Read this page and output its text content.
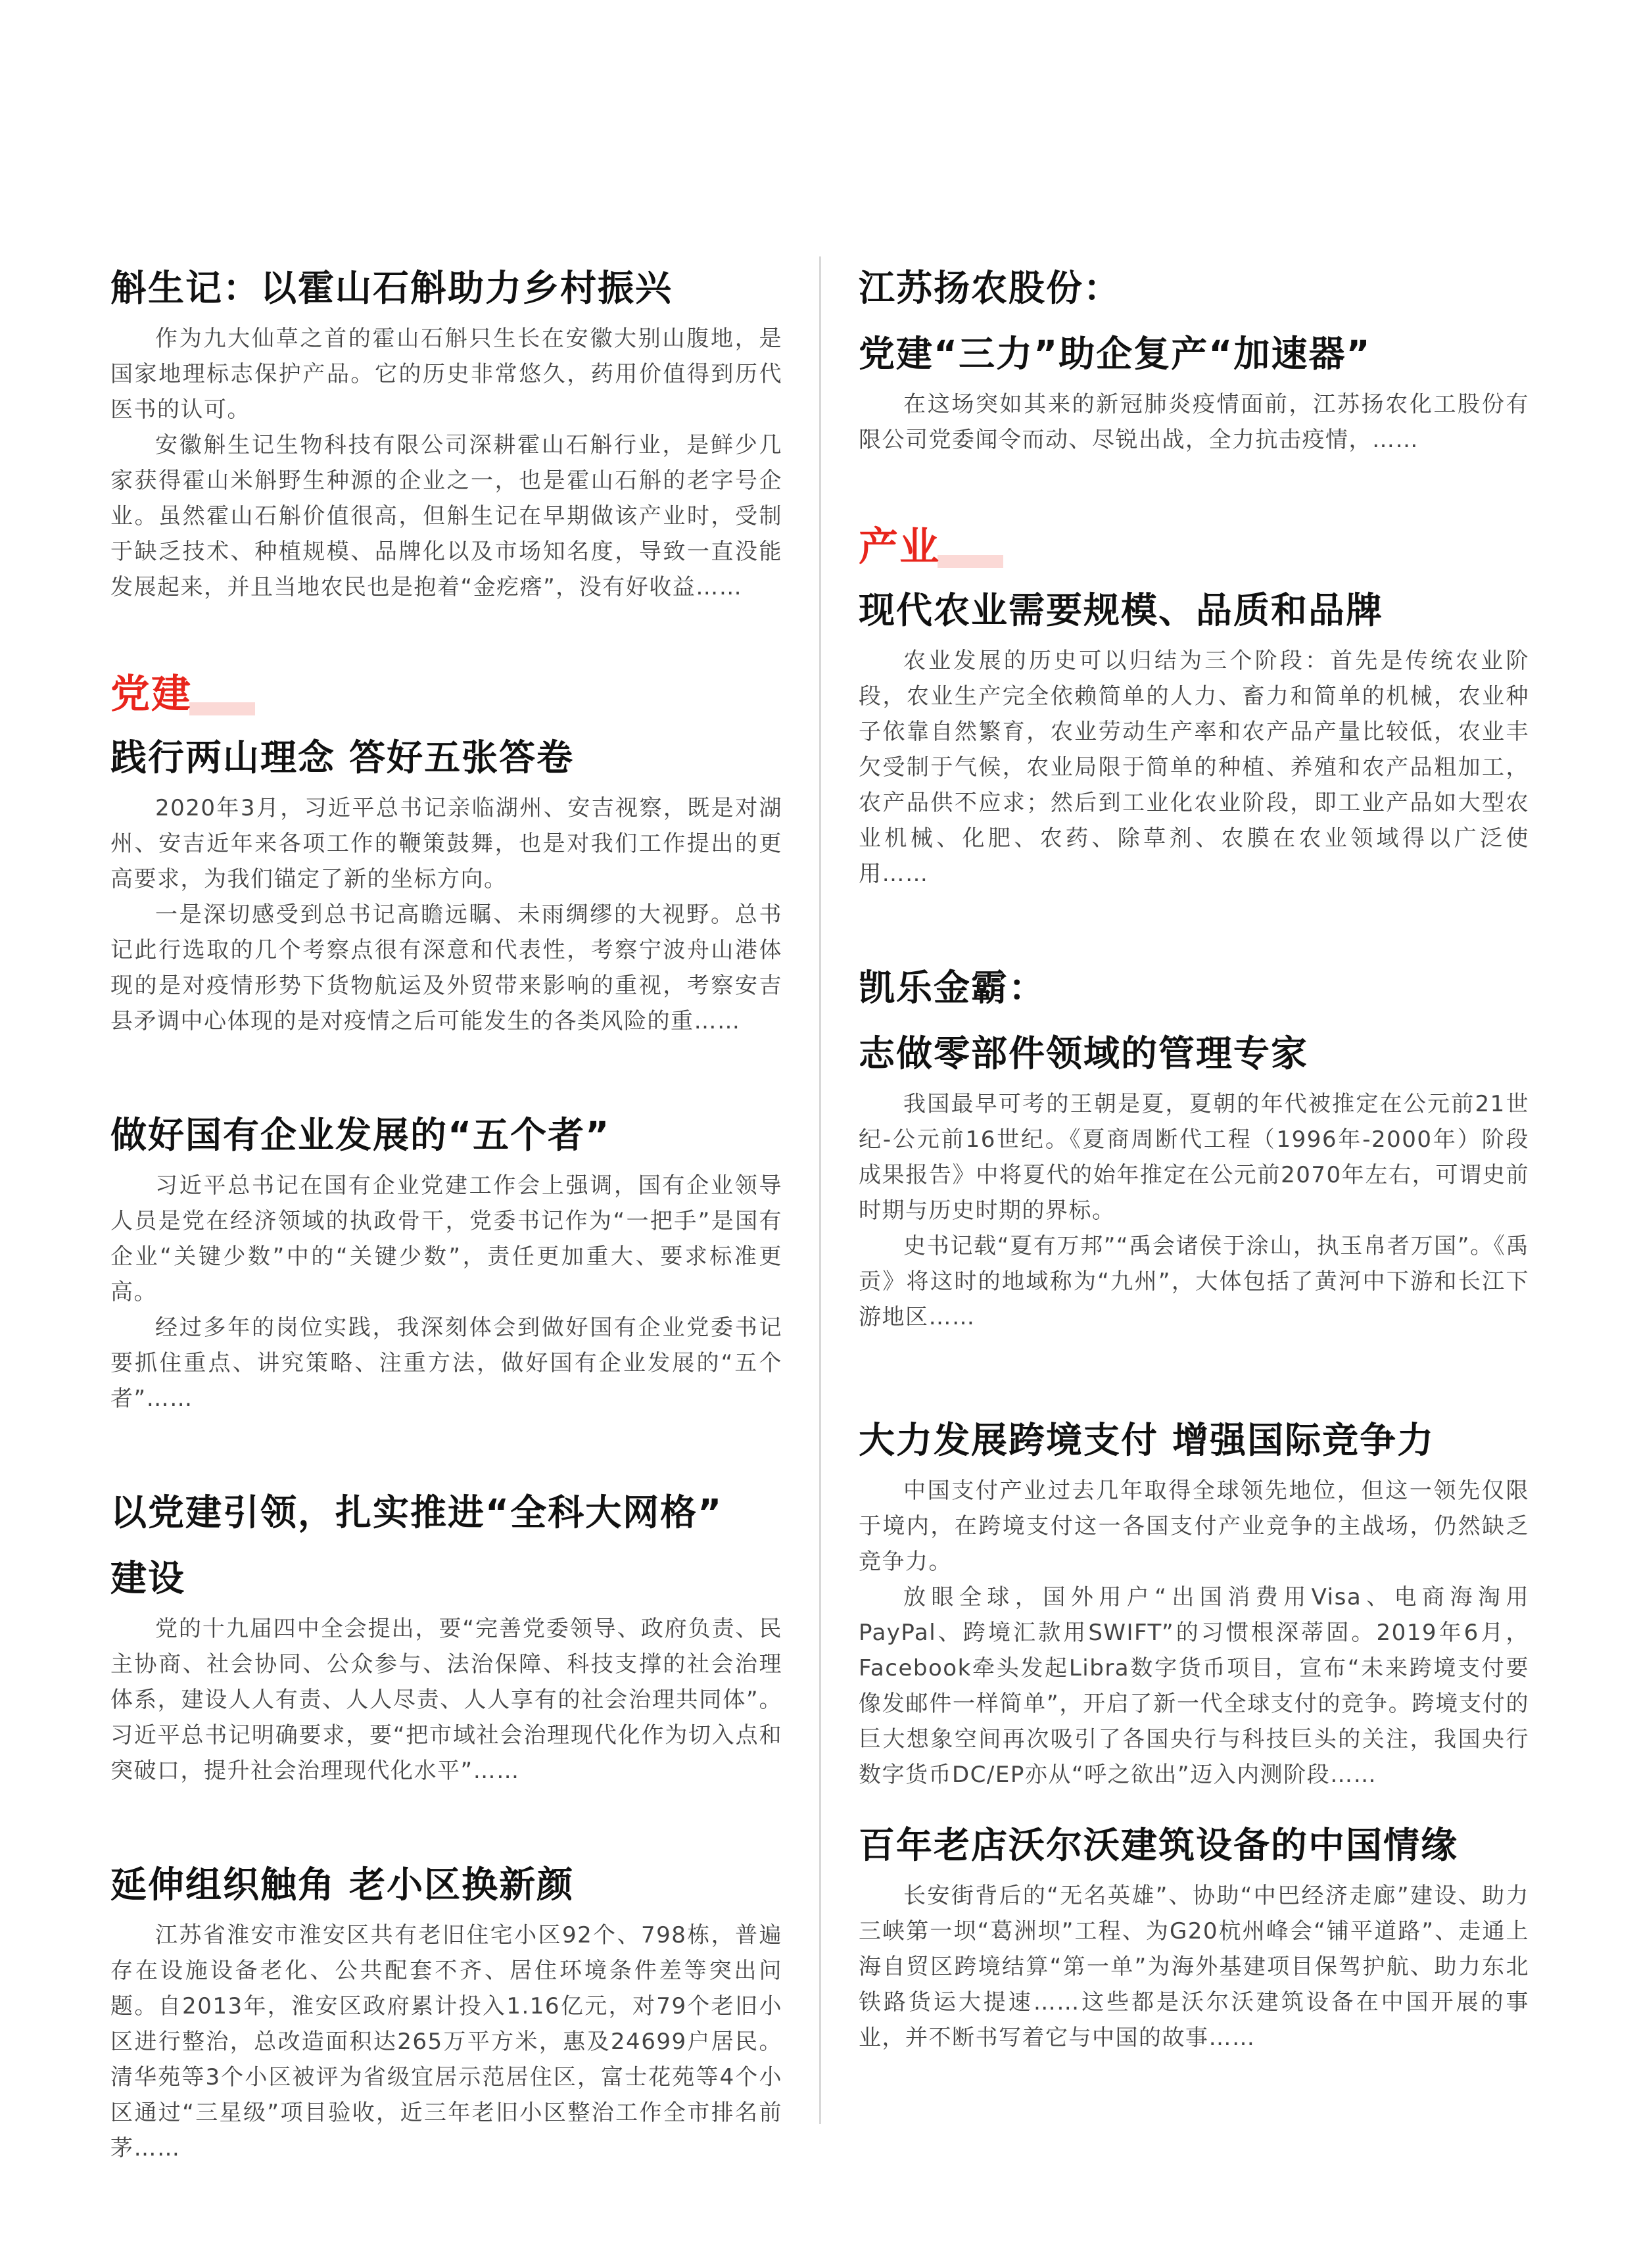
斛生记：以霍山石斛助力乡村振兴

作为九大仙草之首的霍山石斛只生长在安徽大别山腹地，是国家地理标志保护产品。它的历史非常悠久，药用价值得到历代医书的认可。

安徽斛生记生物科技有限公司深耕霍山石斛行业，是鲜少几家获得霍山米斛野生种源的企业之一，也是霍山石斛的老字号企业。虽然霍山石斛价值很高，但斛生记在早期做该产业时，受制于缺乏技术、种植规模、品牌化以及市场知名度，导致一直没能发展起来，并且当地农民也是抱着“金疙瘩”，没有好收益……

党建
践行两山理念 答好五张答卷

2020年3月，习近平总书记亲临湖州、安吉视察，既是对湖州、安吉近年来各项工作的鞭策鼓舞，也是对我们工作提出的更高要求，为我们锚定了新的坐标方向。

一是深切感受到总书记高瞻远瞩、未雨绸缪的大视野。总书记此行选取的几个考察点很有深意和代表性，考察宁波舟山港体现的是对疫情形势下货物航运及外贸带来影响的重视，考察安吉县矛调中心体现的是对疫情之后可能发生的各类风险的重……

做好国有企业发展的“五个者”

习近平总书记在国有企业党建工作会上强调，国有企业领导人员是党在经济领域的执政骨干，党委书记作为“一把手”是国有企业“关键少数”中的“关键少数”，责任更加重大、要求标准更高。

经过多年的岗位实践，我深刻体会到做好国有企业党委书记要抓住重点、讲究策略、注重方法，做好国有企业发展的“五个者”……

以党建引领，扎实推进“全科大网格”
建设

党的十九届四中全会提出，要“完善党委领导、政府负责、民主协商、社会协同、公众参与、法治保障、科技支撑的社会治理体系，建设人人有责、人人尽责、人人享有的社会治理共同体”。习近平总书记明确要求，要“把市域社会治理现代化作为切入点和突破口，提升社会治理现代化水平”……

延伸组织触角 老小区换新颜

江苏省淮安市淮安区共有老旧住宅小区92个、798栋，普遍存在设施设备老化、公共配套不齐、居住环境条件差等突出问题。自2013年，淮安区政府累计投入1.16亿元，对79个老旧小区进行整治，总改造面积达265万平方米，惠及24699户居民。清华苑等3个小区被评为省级宜居示范居住区，富士花苑等4个小区通过“三星级”项目验收，近三年老旧小区整治工作全市排名前茅……

江苏扬农股份：
党建“三力”助企复产“加速器”

在这场突如其来的新冠肺炎疫情面前，江苏扬农化工股份有限公司党委闻令而动、尽锐出战，全力抗击疫情，……

产业
现代农业需要规模、品质和品牌

农业发展的历史可以归结为三个阶段：首先是传统农业阶段，农业生产完全依赖简单的人力、畜力和简单的机械，农业种子依靠自然繁育，农业劳动生产率和农产品产量比较低，农业丰欠受制于气候，农业局限于简单的种植、养殖和农产品粗加工，农产品供不应求；然后到工业化农业阶段，即工业产品如大型农业机械、化肥、农药、除草剂、农膜在农业领域得以广泛使用……

凯乐金霸：
志做零部件领域的管理专家

我国最早可考的王朝是夏，夏朝的年代被推定在公元前21世纪-公元前16世纪。《夏商周断代工程（1996年-2000年）阶段成果报告》中将夏代的始年推定在公元前2070年左右，可谓史前时期与历史时期的界标。

史书记载“夏有万邦”“禹会诸侯于涂山，执玉帛者万国”。《禹贡》将这时的地域称为“九州”，大体包括了黄河中下游和长江下游地区……

大力发展跨境支付 增强国际竞争力

中国支付产业过去几年取得全球领先地位，但这一领先仅限于境内，在跨境支付这一各国支付产业竞争的主战场，仍然缺乏竞争力。

放眼全球，国外用户“出国消费用Visa、电商海淘用PayPal、跨境汇款用SWIFT”的习惯根深蒂固。2019年6月，Facebook牵头发起Libra数字货币项目，宣布“未来跨境支付要像发邮件一样简单”，开启了新一代全球支付的竞争。跨境支付的巨大想象空间再次吸引了各国央行与科技巨头的关注，我国央行数字货币DC/EP亦从“呼之欲出”迈入内测阶段……

百年老店沃尔沃建筑设备的中国情缘

长安街背后的“无名英雄”、协助“中巴经济走廊”建设、助力三峡第一坝“葛洲坝”工程、为G20杭州峰会“铺平道路”、走通上海自贸区跨境结算“第一单”为海外基建项目保驾护航、助力东北铁路货运大提速……这些都是沃尔沃建筑设备在中国开展的事业，并不断书写着它与中国的故事……
